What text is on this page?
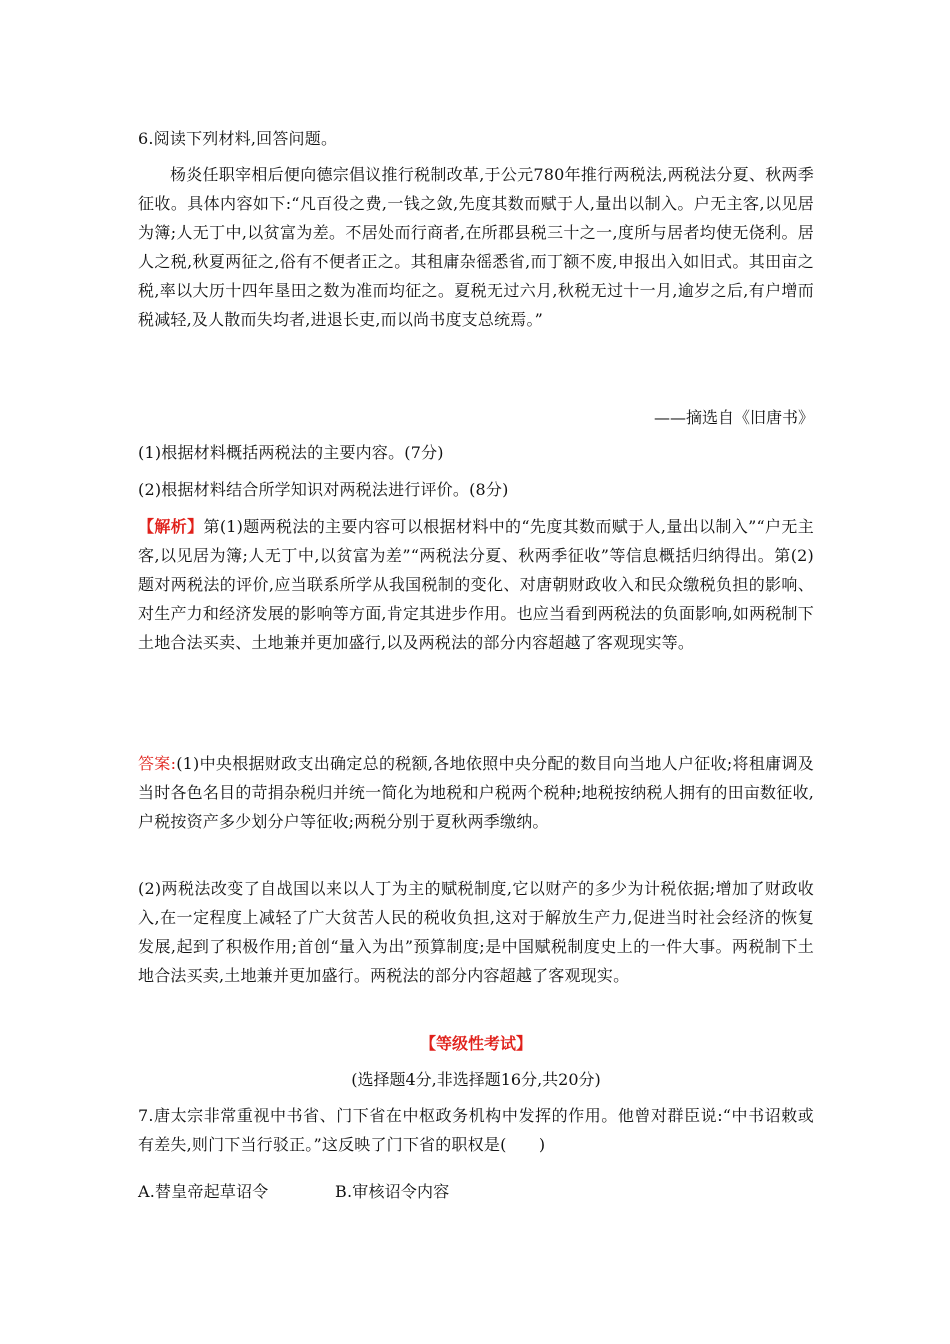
6.阅读下列材料,回答问题。
杨炎任职宰相后便向德宗倡议推行税制改革,于公元780年推行两税法,两税法分夏、秋两季征收。具体内容如下:“凡百役之费,一钱之敛,先度其数而赋于人,量出以制入。户无主客,以见居为簿;人无丁中,以贫富为差。不居处而行商者,在所郡县税三十之一,度所与居者均使无侥利。居人之税,秋夏两征之,俗有不便者正之。其租庸杂徭悉省,而丁额不废,申报出入如旧式。其田亩之税,率以大历十四年垦田之数为准而均征之。夏税无过六月,秋税无过十一月,逾岁之后,有户增而税减轻,及人散而失均者,进退长吏,而以尚书度支总统焉。”
——摘选自《旧唐书》
(1)根据材料概括两税法的主要内容。(7分)
(2)根据材料结合所学知识对两税法进行评价。(8分)
【解析】第(1)题两税法的主要内容可以根据材料中的“先度其数而赋于人,量出以制入”“户无主客,以见居为簿;人无丁中,以贫富为差”“两税法分夏、秋两季征收”等信息概括归纳得出。第(2)题对两税法的评价,应当联系所学从我国税制的变化、对唐朝财政收入和民众缴税负担的影响、对生产力和经济发展的影响等方面,肯定其进步作用。也应当看到两税法的负面影响,如两税制下土地合法买卖、土地兼并更加盛行,以及两税法的部分内容超越了客观现实等。
答案:(1)中央根据财政支出确定总的税额,各地依照中央分配的数目向当地人户征收;将租庸调及当时各色名目的苛捐杂税归并统一简化为地税和户税两个税种;地税按纳税人拥有的田亩数征收,户税按资产多少划分户等征收;两税分别于夏秋两季缴纳。
(2)两税法改变了自战国以来以人丁为主的赋税制度,它以财产的多少为计税依据;增加了财政收入,在一定程度上减轻了广大贫苦人民的税收负担,这对于解放生产力,促进当时社会经济的恢复发展,起到了积极作用;首创“量入为出”预算制度;是中国赋税制度史上的一件大事。两税制下土地合法买卖,土地兼并更加盛行。两税法的部分内容超越了客观现实。
【等级性考试】
(选择题4分,非选择题16分,共20分)
7.唐太宗非常重视中书省、门下省在中枢政务机构中发挥的作用。他曾对群臣说:“中书诏敕或有差失,则门下当行驳正。”这反映了门下省的职权是(　　)
A.替皇帝起草诏令	B.审核诏令内容
